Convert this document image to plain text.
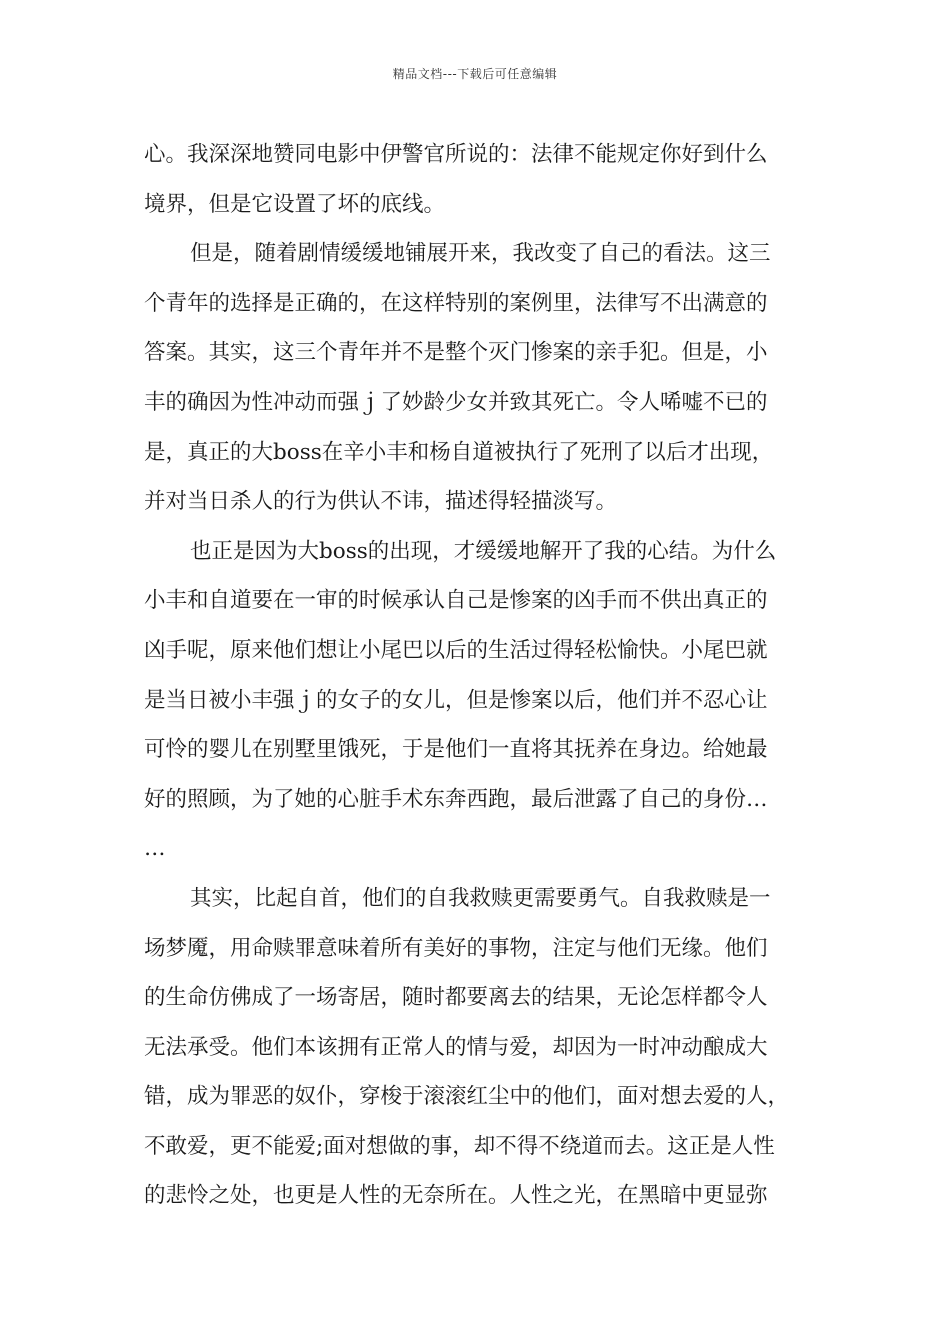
精品文档---下载后可任意编辑
心。我深深地赞同电影中伊警官所说的：法律不能规定你好到什么
境界，但是它设置了坏的底线。
但是，随着剧情缓缓地铺展开来，我改变了自己的看法。这三
个青年的选择是正确的，在这样特别的案例里，法律写不出满意的
答案。其实，这三个青年并不是整个灭门惨案的亲手犯。但是，小
丰的确因为性冲动而强ｊ了妙龄少女并致其死亡。令人唏嘘不已的
是，真正的大boss在辛小丰和杨自道被执行了死刑了以后才出现，
并对当日杀人的行为供认不讳，描述得轻描淡写。
也正是因为大boss的出现，才缓缓地解开了我的心结。为什么
小丰和自道要在一审的时候承认自己是惨案的凶手而不供出真正的
凶手呢，原来他们想让小尾巴以后的生活过得轻松愉快。小尾巴就
是当日被小丰强ｊ的女子的女儿，但是惨案以后，他们并不忍心让
可怜的婴儿在别墅里饿死，于是他们一直将其抚养在身边。给她最
好的照顾，为了她的心脏手术东奔西跑，最后泄露了自己的身份…
…
其实，比起自首，他们的自我救赎更需要勇气。自我救赎是一
场梦魇，用命赎罪意味着所有美好的事物，注定与他们无缘。他们
的生命仿佛成了一场寄居，随时都要离去的结果，无论怎样都令人
无法承受。他们本该拥有正常人的情与爱，却因为一时冲动酿成大
错，成为罪恶的奴仆，穿梭于滚滚红尘中的他们，面对想去爱的人，
不敢爱，更不能爱;面对想做的事，却不得不绕道而去。这正是人性
的悲怜之处，也更是人性的无奈所在。人性之光，在黑暗中更显弥
